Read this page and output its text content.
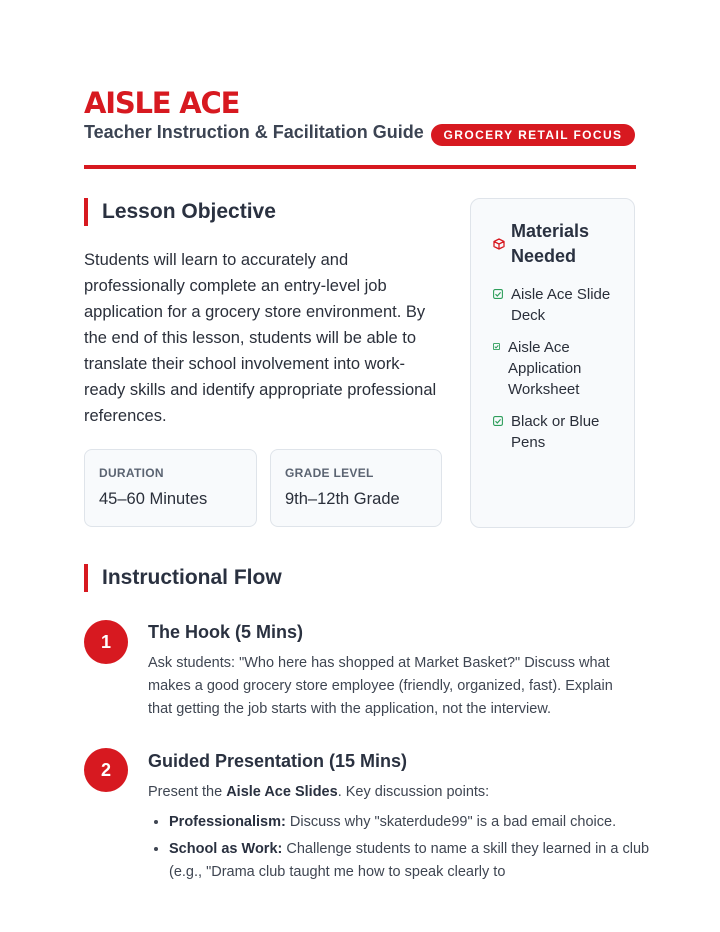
AISLE ACE
Teacher Instruction & Facilitation Guide	GROCERY RETAIL FOCUS
Lesson Objective
Students will learn to accurately and professionally complete an entry-level job application for a grocery store environment. By the end of this lesson, students will be able to translate their school involvement into work-ready skills and identify appropriate professional references.
DURATION
45–60 Minutes
GRADE LEVEL
9th–12th Grade
Materials Needed
Aisle Ace Slide Deck
Aisle Ace Application Worksheet
Black or Blue Pens
Instructional Flow
1	The Hook (5 Mins)
Ask students: "Who here has shopped at Market Basket?" Discuss what makes a good grocery store employee (friendly, organized, fast). Explain that getting the job starts with the application, not the interview.
2	Guided Presentation (15 Mins)
Present the Aisle Ace Slides. Key discussion points:
• Professionalism: Discuss why "skaterdude99" is a bad email choice.
• School as Work: Challenge students to name a skill they learned in a club (e.g., "Drama club taught me how to speak clearly to
